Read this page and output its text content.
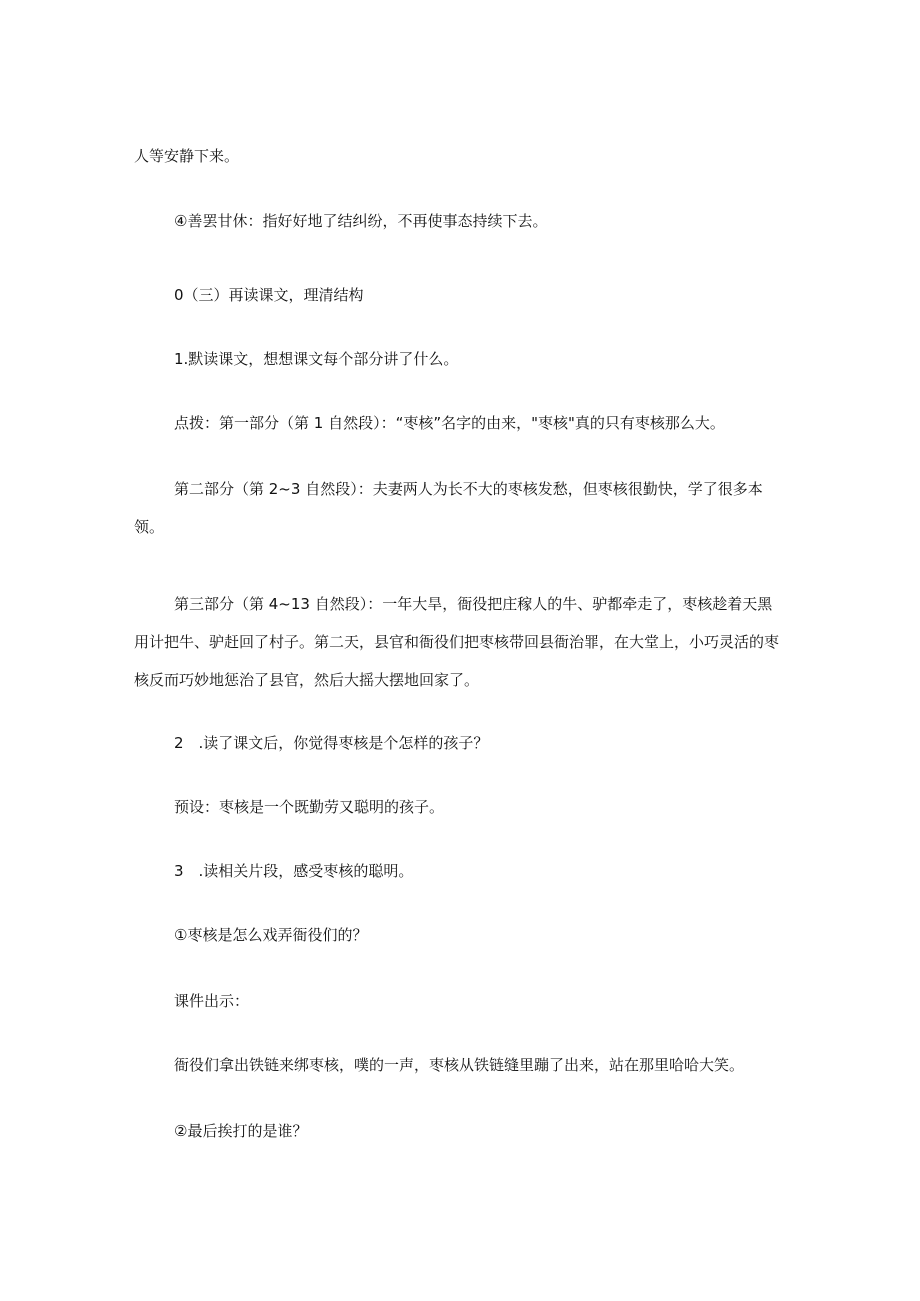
人等安静下来。

④善罢甘休：指好好地了结纠纷，不再使事态持续下去。

0（三）再读课文，理清结构

1.默读课文，想想课文每个部分讲了什么。

点拨：第一部分（第 1 自然段）：“枣核”名字的由来，"枣核"真的只有枣核那么大。

第二部分（第 2~3 自然段）：夫妻两人为长不大的枣核发愁，但枣核很勤快，学了很多本领。

第三部分（第 4~13 自然段）：一年大旱，衙役把庄稼人的牛、驴都牵走了，枣核趁着天黑用计把牛、驴赶回了村子。第二天，县官和衙役们把枣核带回县衙治罪，在大堂上，小巧灵活的枣核反而巧妙地惩治了县官，然后大摇大摆地回家了。

2　.读了课文后，你觉得枣核是个怎样的孩子？

预设：枣核是一个既勤劳又聪明的孩子。

3　.读相关片段，感受枣核的聪明。

①枣核是怎么戏弄衙役们的？

课件出示：

衙役们拿出铁链来绑枣核，噗的一声，枣核从铁链缝里蹦了出来，站在那里哈哈大笑。

②最后挨打的是谁？
